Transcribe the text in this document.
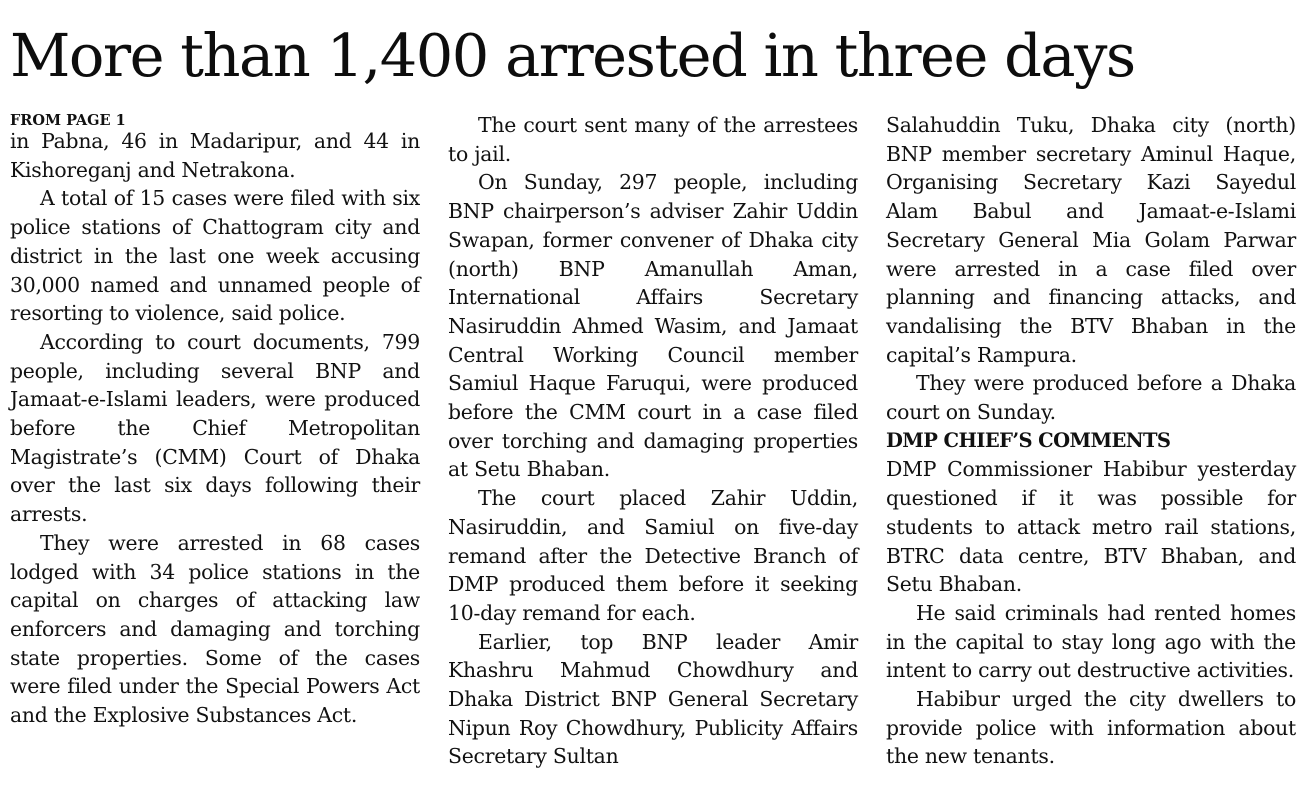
More than 1,400 arrested in three days
FROM PAGE 1

in Pabna, 46 in Madaripur, and 44 in Kishoreganj and Netrakona.

A total of 15 cases were filed with six police stations of Chattogram city and district in the last one week accusing 30,000 named and unnamed people of resorting to violence, said police.

According to court documents, 799 people, including several BNP and Jamaat-e-Islami leaders, were produced before the Chief Metropolitan Magistrate’s (CMM) Court of Dhaka over the last six days following their arrests.

They were arrested in 68 cases lodged with 34 police stations in the capital on charges of attacking law enforcers and damaging and torching state properties. Some of the cases were filed under the Special Powers Act and the Explosive Substances Act.

The court sent many of the arrestees to jail.

On Sunday, 297 people, including BNP chairperson’s adviser Zahir Uddin Swapan, former convener of Dhaka city (north) BNP Amanullah Aman, International Affairs Secretary Nasiruddin Ahmed Wasim, and Jamaat Central Working Council member Samiul Haque Faruqui, were produced before the CMM court in a case filed over torching and damaging properties at Setu Bhaban.

The court placed Zahir Uddin, Nasiruddin, and Samiul on five-day remand after the Detective Branch of DMP produced them before it seeking 10-day remand for each.

Earlier, top BNP leader Amir Khashru Mahmud Chowdhury and Dhaka District BNP General Secretary Nipun Roy Chowdhury, Publicity Affairs Secretary Sultan

Salahuddin Tuku, Dhaka city (north) BNP member secretary Aminul Haque, Organising Secretary Kazi Sayedul Alam Babul and Jamaat-e-Islami Secretary General Mia Golam Parwar were arrested in a case filed over planning and financing attacks, and vandalising the BTV Bhaban in the capital’s Rampura.

They were produced before a Dhaka court on Sunday.

DMP CHIEF’S COMMENTS

DMP Commissioner Habibur yesterday questioned if it was possible for students to attack metro rail stations, BTRC data centre, BTV Bhaban, and Setu Bhaban.

He said criminals had rented homes in the capital to stay long ago with the intent to carry out destructive activities.

Habibur urged the city dwellers to provide police with information about the new tenants.
